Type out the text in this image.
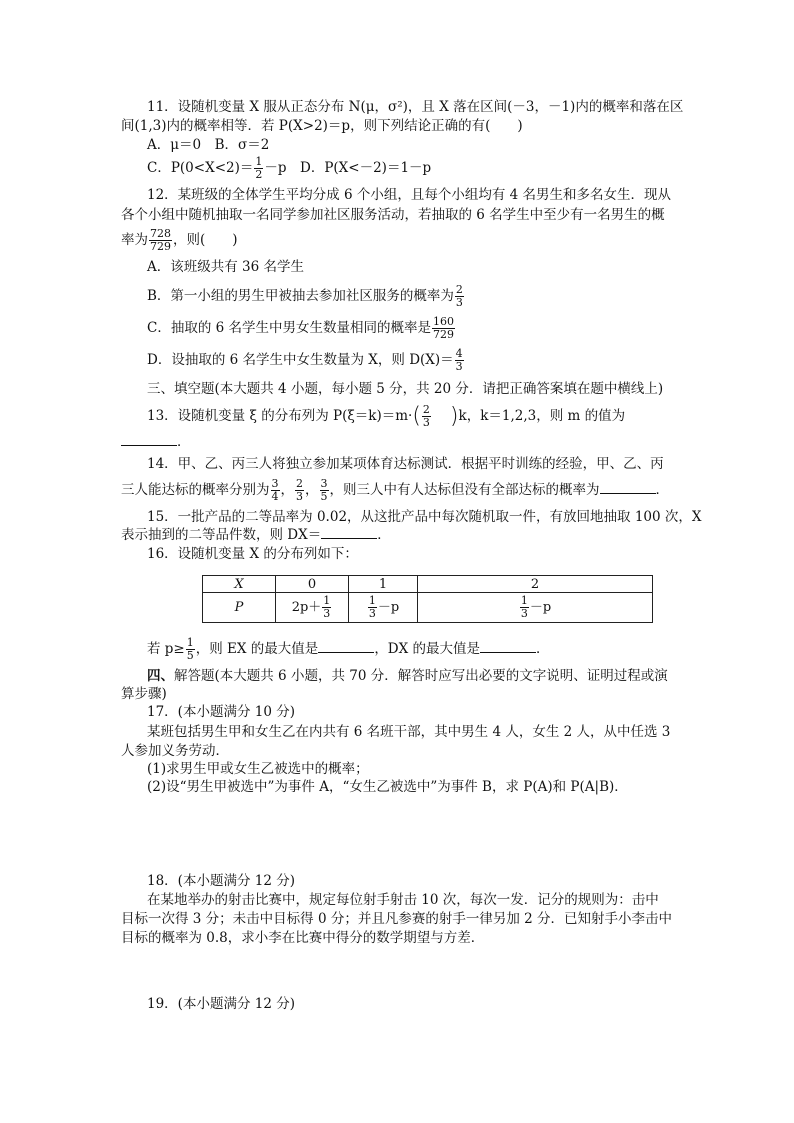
11．设随机变量 X 服从正态分布 N(μ，σ²)，且 X 落在区间(－3，－1)内的概率和落在区
间(1,3)内的概率相等．若 P(X>2)＝p，则下列结论正确的有(　　)
A．μ＝0　B．σ＝2
C．$P(0<X<2)= \frac{1}{2} -p$　D．P(X<－2)＝1－p
12．某班级的全体学生平均分成 6 个小组，且每个小组均有 4 名男生和多名女生．现从
各个小组中随机抽取一名同学参加社区服务活动，若抽取的 6 名学生中至少有一名男生的概
率为 $\frac{728}{729}$ ，则(　　)
A．该班级共有 36 名学生
B．第一小组的男生甲被抽去参加社区服务的概率为 $\frac{2}{3}$
C．抽取的 6 名学生中男女生数量相同的概率是 $\frac{160}{729}$
D．设抽取的 6 名学生中女生数量为 X，则 $D(X)= \frac{4}{3}$
三、填空题(本大题共 4 小题，每小题 5 分，共 20 分．请把正确答案填在题中横线上)
13．设随机变量 ξ 的分布列为 $P(\xi=k)=m\cdot( \frac{2}{3} )k$，k＝1,2,3，则 m 的值为
．
14．甲、乙、丙三人将独立参加某项体育达标测试．根据平时训练的经验，甲、乙、丙
三人能达标的概率分别为 $\frac{3}{4}$ ， $\frac{2}{3}$ ， $\frac{3}{5}$ ，则三人中有人达标但没有全部达标的概率为	．
15．一批产品的二等品率为 0.02，从这批产品中每次随机取一件，有放回地抽取 100 次，X
表示抽到的二等品件数，则 DX＝	．
16．设随机变量 X 的分布列如下：
X	0	1	2
P	$2p+ \frac{1}{3}$	$\frac{1}{3} -p$	$\frac{1}{3} -p$
若 $p\ge \frac{1}{5}$ ，则 EX 的最大值是	，DX 的最大值是	．
四、解答题(本大题共 6 小题，共 70 分．解答时应写出必要的文字说明、证明过程或演
算步骤)
17．(本小题满分 10 分)
某班包括男生甲和女生乙在内共有 6 名班干部，其中男生 4 人，女生 2 人，从中任选 3
人参加义务劳动．
(1)求男生甲或女生乙被选中的概率；
(2)设“男生甲被选中”为事件 A，“女生乙被选中”为事件 B，求 P(A)和 P(A|B)．
18．(本小题满分 12 分)
在某地举办的射击比赛中，规定每位射手射击 10 次，每次一发．记分的规则为：击中
目标一次得 3 分；未击中目标得 0 分；并且凡参赛的射手一律另加 2 分．已知射手小李击中
目标的概率为 0.8，求小李在比赛中得分的数学期望与方差．
19．(本小题满分 12 分)
